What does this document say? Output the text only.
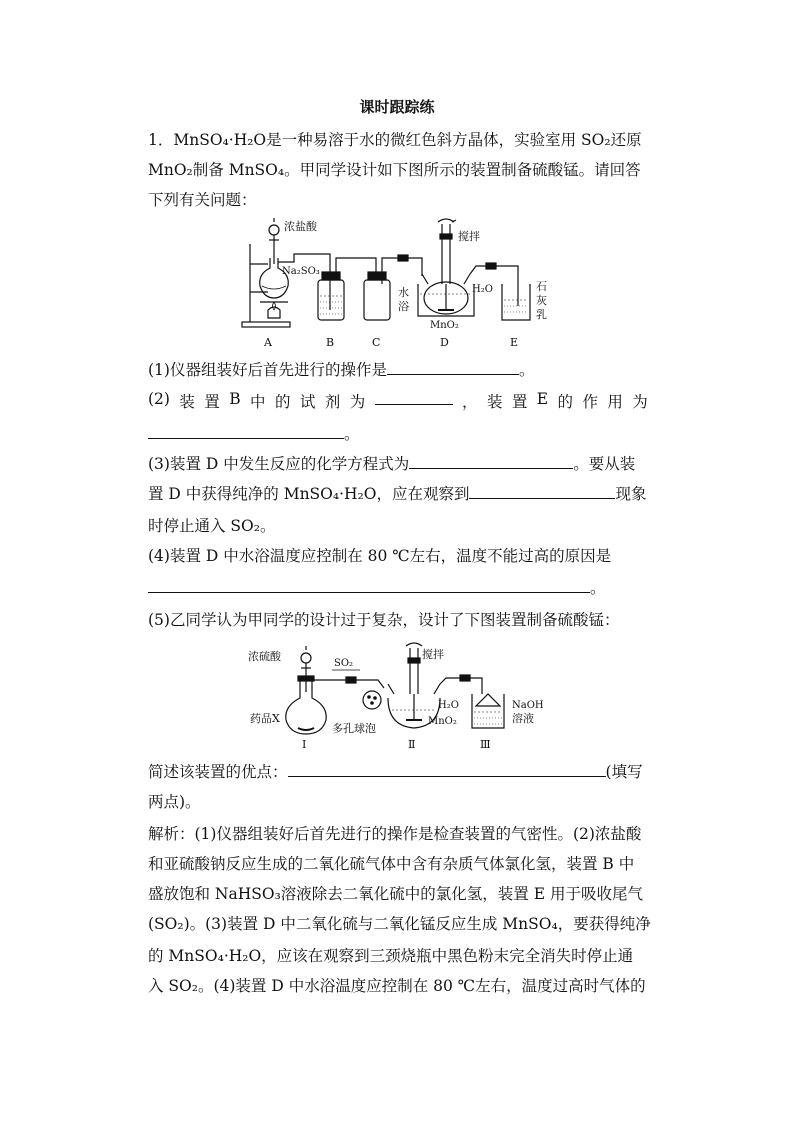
课时跟踪练
1．MnSO₄·H₂O是一种易溶于水的微红色斜方晶体，实验室用 SO₂还原
MnO₂制备 MnSO₄。甲同学设计如下图所示的装置制备硫酸锰。请回答
下列有关问题：
浓盐酸
Na₂SO₃
搅拌
H₂O
水
浴
MnO₂
石
灰
乳
A	B	C	D	E
(1)仪器组装好后首先进行的操作是	。
(2) 装 置 B 中 的 试 剂 为	， 装 置 E 的 作 用 为
。
(3)装置 D 中发生反应的化学方程式为	。要从装
置 D 中获得纯净的 MnSO₄·H₂O，应在观察到	现象
时停止通入 SO₂。
(4)装置 D 中水浴温度应控制在 80 ℃左右，温度不能过高的原因是
。
(5)乙同学认为甲同学的设计过于复杂，设计了下图装置制备硫酸锰：
浓硫酸
SO₂
搅拌
药品X
多孔球泡
H₂O
MnO₂
NaOH
溶液
Ⅰ	Ⅱ	Ⅲ
简述该装置的优点：	(填写
两点)。
解析：(1)仪器组装好后首先进行的操作是检查装置的气密性。(2)浓盐酸
和亚硫酸钠反应生成的二氧化硫气体中含有杂质气体氯化氢，装置 B 中
盛放饱和 NaHSO₃溶液除去二氧化硫中的氯化氢，装置 E 用于吸收尾气
(SO₂)。(3)装置 D 中二氧化硫与二氧化锰反应生成 MnSO₄，要获得纯净
的 MnSO₄·H₂O，应该在观察到三颈烧瓶中黑色粉末完全消失时停止通
入 SO₂。(4)装置 D 中水浴温度应控制在 80 ℃左右，温度过高时气体的
